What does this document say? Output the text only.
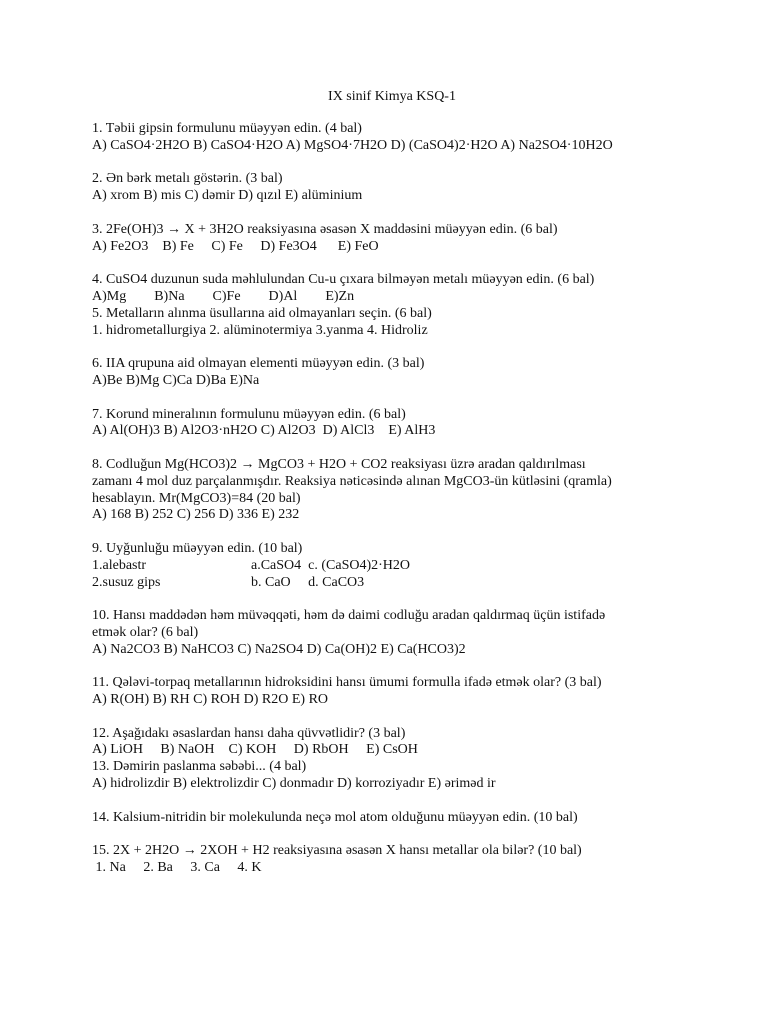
IX sinif Kimya KSQ-1
1. Təbii gipsin formulunu müəyyən edin. (4 bal)
A) CaSO4·2H2O B) CaSO4·H2O A) MgSO4·7H2O D) (CaSO4)2·H2O A) Na2SO4·10H2O
2. Ən bərk metalı göstərin. (3 bal)
A) xrom B) mis C) dəmir D) qızıl E) alüminium
3. 2Fe(OH)3 → X + 3H2O reaksiyasına əsasən X maddəsini müəyyən edin. (6 bal)
A) Fe2O3    B) Fe     C) Fe     D) Fe3O4      E) FeO
4. CuSO4 duzunun suda məhlulundan Cu-u çıxara bilməyən metalı müəyyən edin. (6 bal)
A)Mg        B)Na        C)Fe        D)Al        E)Zn
5. Metalların alınma üsullarına aid olmayanları seçin. (6 bal)
1. hidrometallurgiya 2. alüminotermiya 3.yanma 4. Hidroliz
6. IIA qrupuna aid olmayan elementi müəyyən edin. (3 bal)
A)Be B)Mg C)Ca D)Ba E)Na
7. Korund mineralının formulunu müəyyən edin. (6 bal)
A) Al(OH)3 B) Al2O3·nH2O C) Al2O3  D) AlCl3    E) AlH3
8. Codluğun Mg(HCO3)2 → MgCO3 + H2O + CO2 reaksiyası üzrə aradan qaldırılması
zamanı 4 mol duz parçalanmışdır. Reaksiya nəticəsində alınan MgCO3-ün kütləsini (qramla)
hesablayın. Mr(MgCO3)=84 (20 bal)
A) 168 B) 252 C) 256 D) 336 E) 232
9. Uyğunluğu müəyyən edin. (10 bal)
1.alebastr	a.CaSO4  c. (CaSO4)2·H2O
2.susuz gips	b. CaO     d. CaCO3
10. Hansı maddədən həm müvəqqəti, həm də daimi codluğu aradan qaldırmaq üçün istifadə
etmək olar? (6 bal)
A) Na2CO3 B) NaHCO3 C) Na2SO4 D) Ca(OH)2 E) Ca(HCO3)2
11. Qələvi-torpaq metallarının hidroksidini hansı ümumi formulla ifadə etmək olar? (3 bal)
A) R(OH) B) RH C) ROH D) R2O E) RO
12. Aşağıdakı əsaslardan hansı daha qüvvətlidir? (3 bal)
A) LiOH     B) NaOH    C) KOH     D) RbOH     E) CsOH
13. Dəmirin paslanma səbəbi... (4 bal)
A) hidrolizdir B) elektrolizdir C) donmadır D) korroziyadır E) əriməd ir
14. Kalsium-nitridin bir molekulunda neçə mol atom olduğunu müəyyən edin. (10 bal)
15. 2X + 2H2O → 2XOH + H2 reaksiyasına əsasən X hansı metallar ola bilər? (10 bal)
1. Na     2. Ba     3. Ca     4. K
